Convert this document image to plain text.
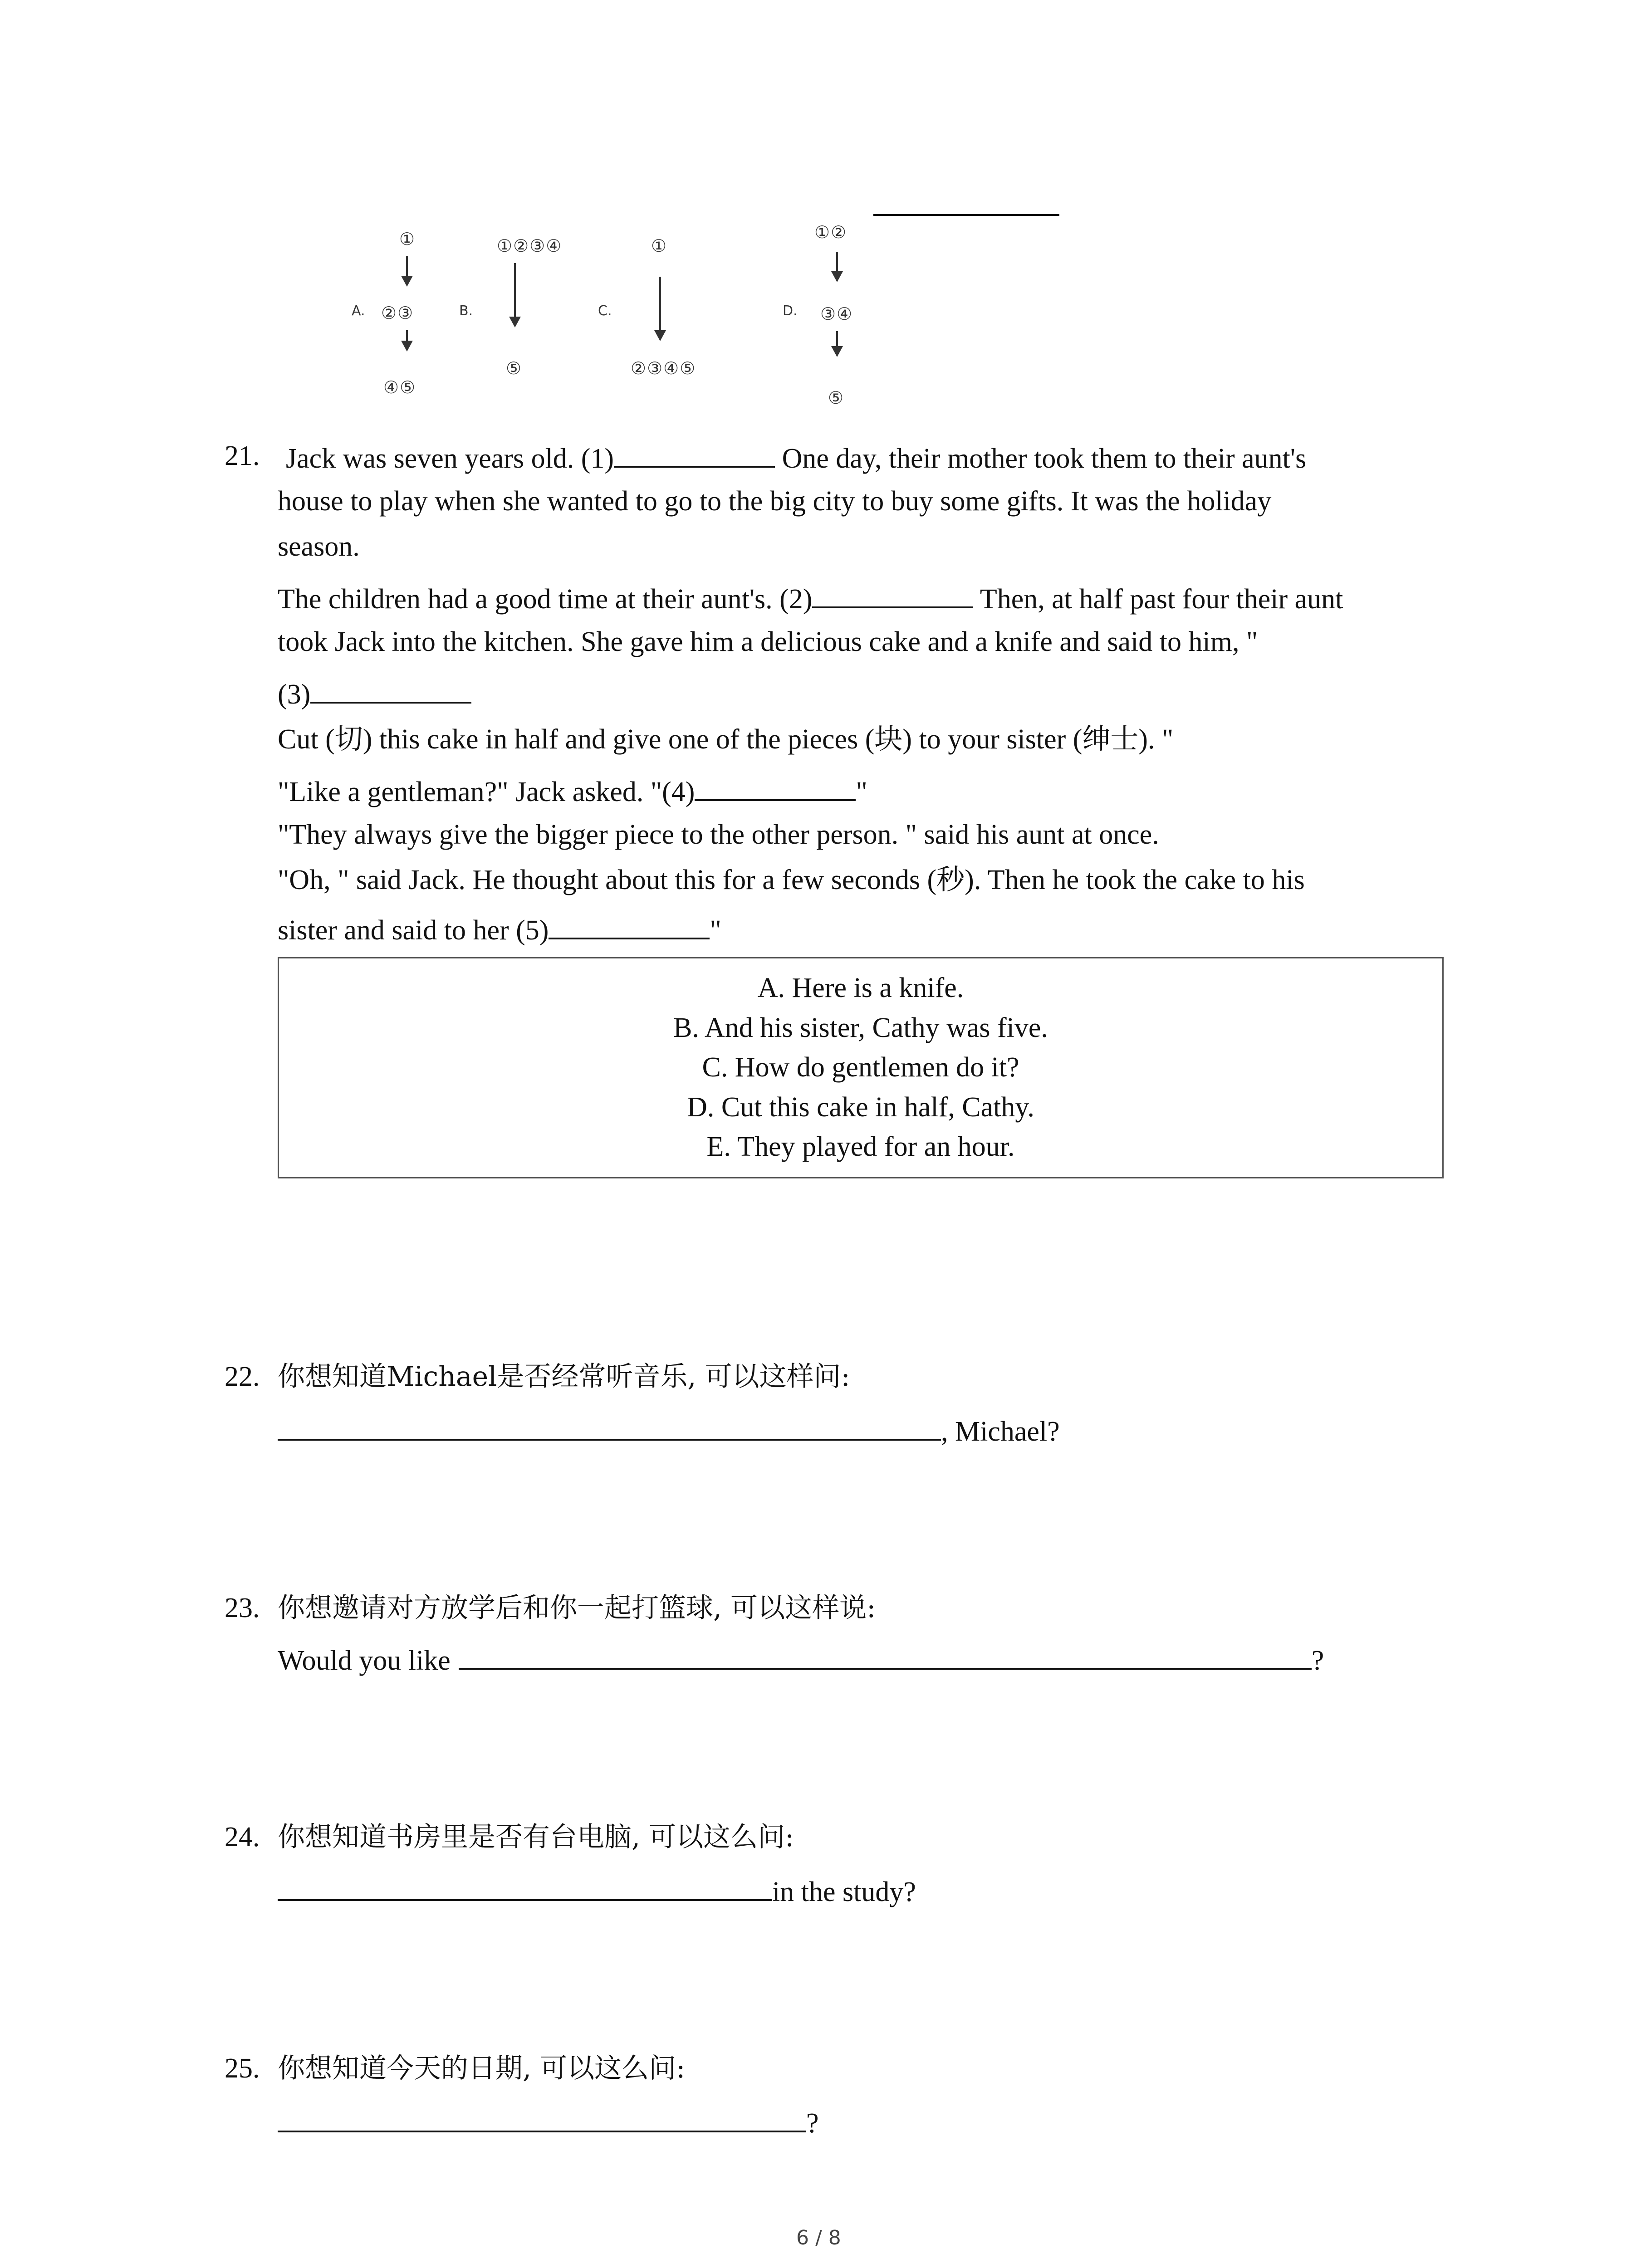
A.
①
②③
④⑤
B.
①②③④
⑤
C.
①
②③④⑤
D.
①②
③④
⑤
21. Jack was seven years old. (1)	One day, their mother took them to their aunt's
house to play when she wanted to go to the big city to buy some gifts. It was the holiday
season.
The children had a good time at their aunt's. (2)	Then, at half past four their aunt
took Jack into the kitchen. She gave him a delicious cake and a knife and said to him, "
(3)
Cut (切) this cake in half and give one of the pieces (块) to your sister (绅士). "
"Like a gentleman?" Jack asked. "(4)	"
"They always give the bigger piece to the other person. " said his aunt at once.
"Oh, " said Jack. He thought about this for a few seconds (秒). Then he took the cake to his
sister and said to her (5)	"
A. Here is a knife.
B. And his sister, Cathy was five.
C. How do gentlemen do it?
D. Cut this cake in half, Cathy.
E. They played for an hour.
22. 你想知道Michael是否经常听音乐, 可以这样问:
, Michael?
23. 你想邀请对方放学后和你一起打篮球, 可以这样说:
Would you like	?
24. 你想知道书房里是否有台电脑, 可以这么问:
in the study?
25. 你想知道今天的日期, 可以这么问:
?
6 / 8
